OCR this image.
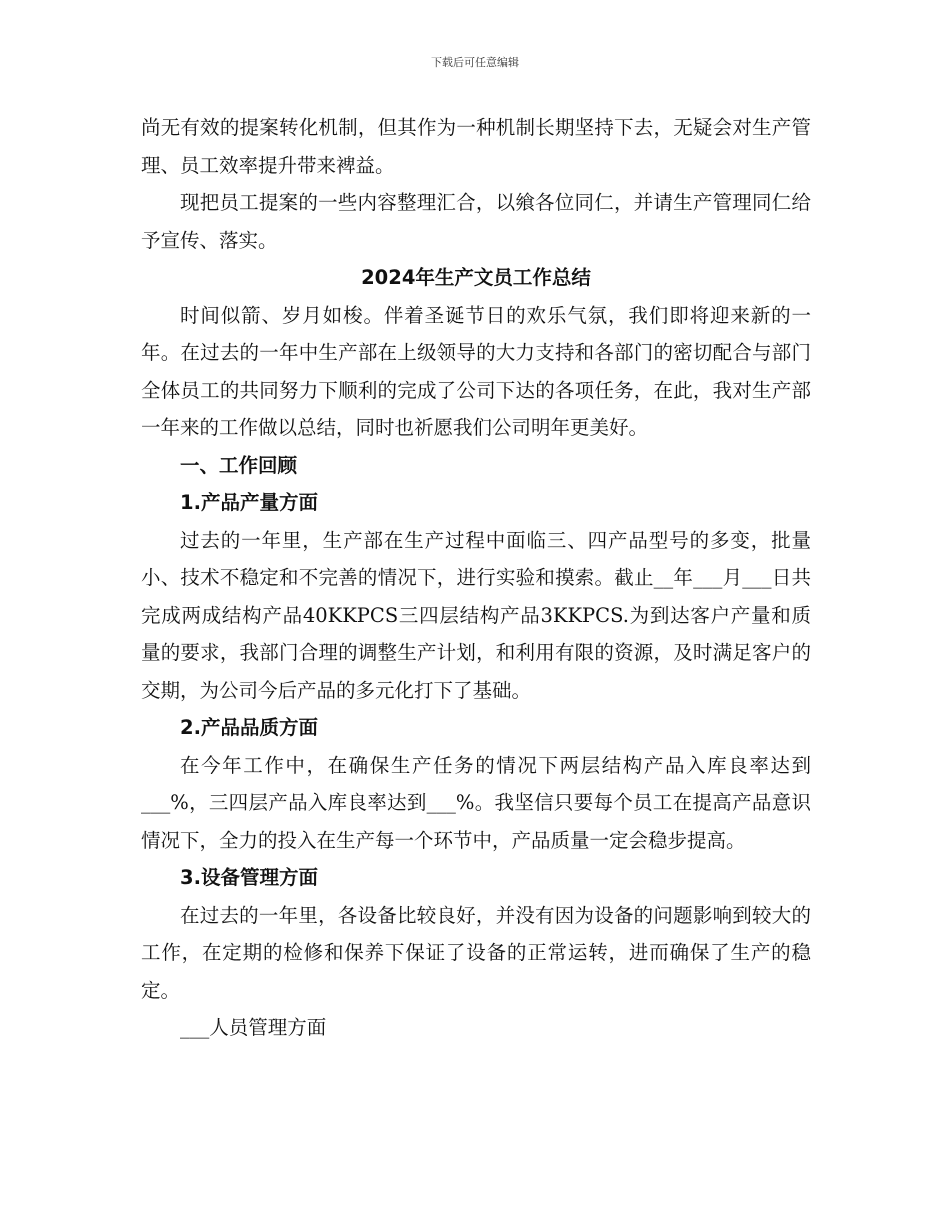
下载后可任意编辑

尚无有效的提案转化机制，但其作为一种机制长期坚持下去，无疑会对生产管理、员工效率提升带来裨益。

现把员工提案的一些内容整理汇合，以飨各位同仁，并请生产管理同仁给予宣传、落实。

2024年生产文员工作总结

时间似箭、岁月如梭。伴着圣诞节日的欢乐气氛，我们即将迎来新的一年。在过去的一年中生产部在上级领导的大力支持和各部门的密切配合与部门全体员工的共同努力下顺利的完成了公司下达的各项任务，在此，我对生产部一年来的工作做以总结，同时也祈愿我们公司明年更美好。

一、工作回顾

1.产品产量方面

过去的一年里，生产部在生产过程中面临三、四产品型号的多变，批量小、技术不稳定和不完善的情况下，进行实验和摸索。截止__年___月___日共完成两成结构产品40KKPCS三四层结构产品3KKPCS.为到达客户产量和质量的要求，我部门合理的调整生产计划，和利用有限的资源，及时满足客户的交期，为公司今后产品的多元化打下了基础。

2.产品品质方面

在今年工作中，在确保生产任务的情况下两层结构产品入库良率达到___%，三四层产品入库良率达到___%。我坚信只要每个员工在提高产品意识情况下，全力的投入在生产每一个环节中，产品质量一定会稳步提高。

3.设备管理方面

在过去的一年里，各设备比较良好，并没有因为设备的问题影响到较大的工作，在定期的检修和保养下保证了设备的正常运转，进而确保了生产的稳定。

___人员管理方面
